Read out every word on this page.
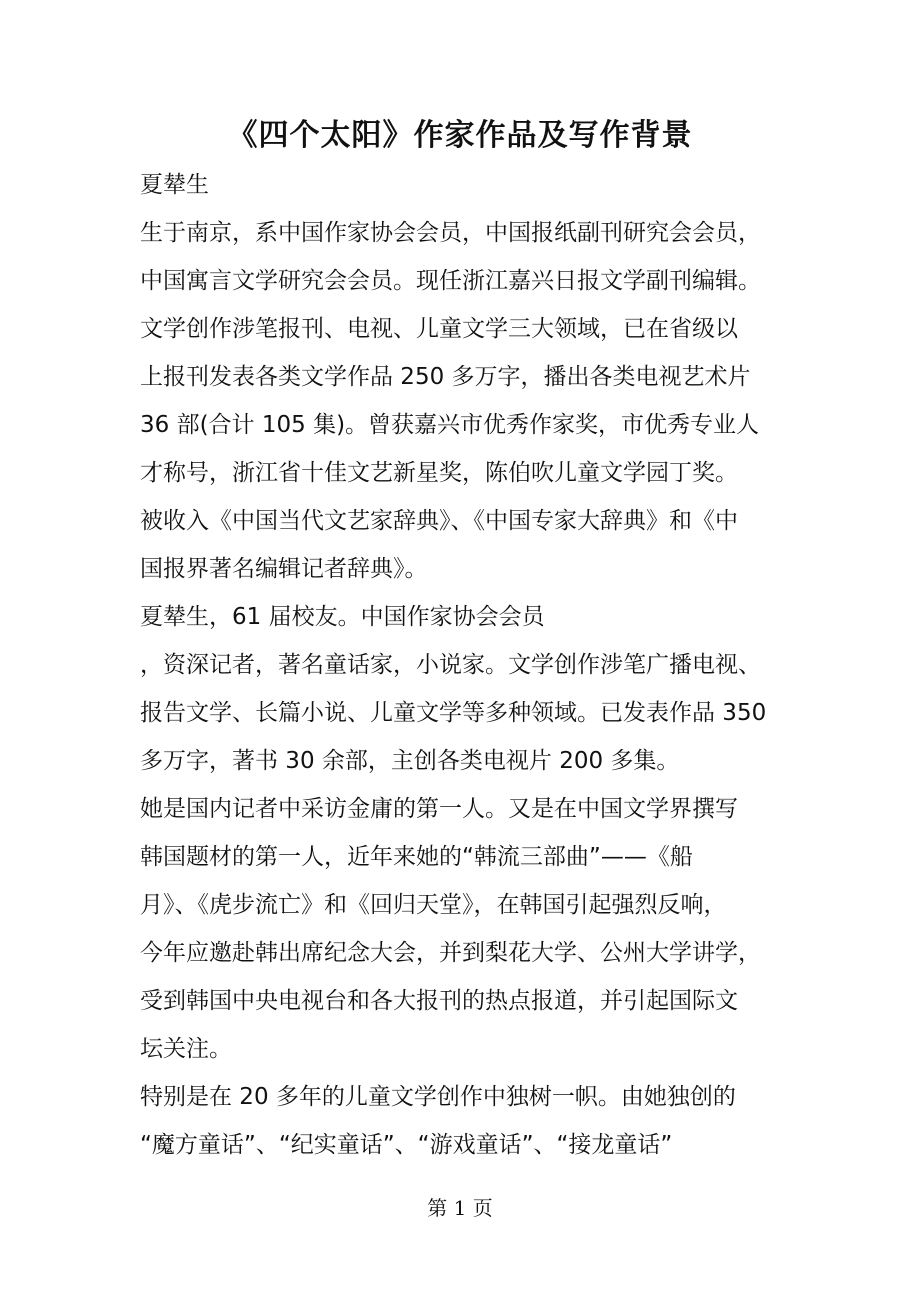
《四个太阳》作家作品及写作背景
夏辇生
生于南京，系中国作家协会会员，中国报纸副刊研究会会员，
中国寓言文学研究会会员。现任浙江嘉兴日报文学副刊编辑。
文学创作涉笔报刊、电视、儿童文学三大领域，已在省级以
上报刊发表各类文学作品 250 多万字，播出各类电视艺术片
36 部(合计 105 集)。曾获嘉兴市优秀作家奖，市优秀专业人
才称号，浙江省十佳文艺新星奖，陈伯吹儿童文学园丁奖。
被收入《中国当代文艺家辞典》、《中国专家大辞典》和《中
国报界著名编辑记者辞典》。
夏辇生，61 届校友。中国作家协会会员
，资深记者，著名童话家，小说家。文学创作涉笔广播电视、
报告文学、长篇小说、儿童文学等多种领域。已发表作品 350
多万字，著书 30 余部，主创各类电视片 200 多集。
她是国内记者中采访金庸的第一人。又是在中国文学界撰写
韩国题材的第一人，近年来她的“韩流三部曲”——《船
月》、《虎步流亡》和《回归天堂》，在韩国引起强烈反响，
今年应邀赴韩出席纪念大会，并到梨花大学、公州大学讲学，
受到韩国中央电视台和各大报刊的热点报道，并引起国际文
坛关注。
特别是在 20 多年的儿童文学创作中独树一帜。由她独创的
“魔方童话”、“纪实童话”、“游戏童话”、“接龙童话”
第 1 页
